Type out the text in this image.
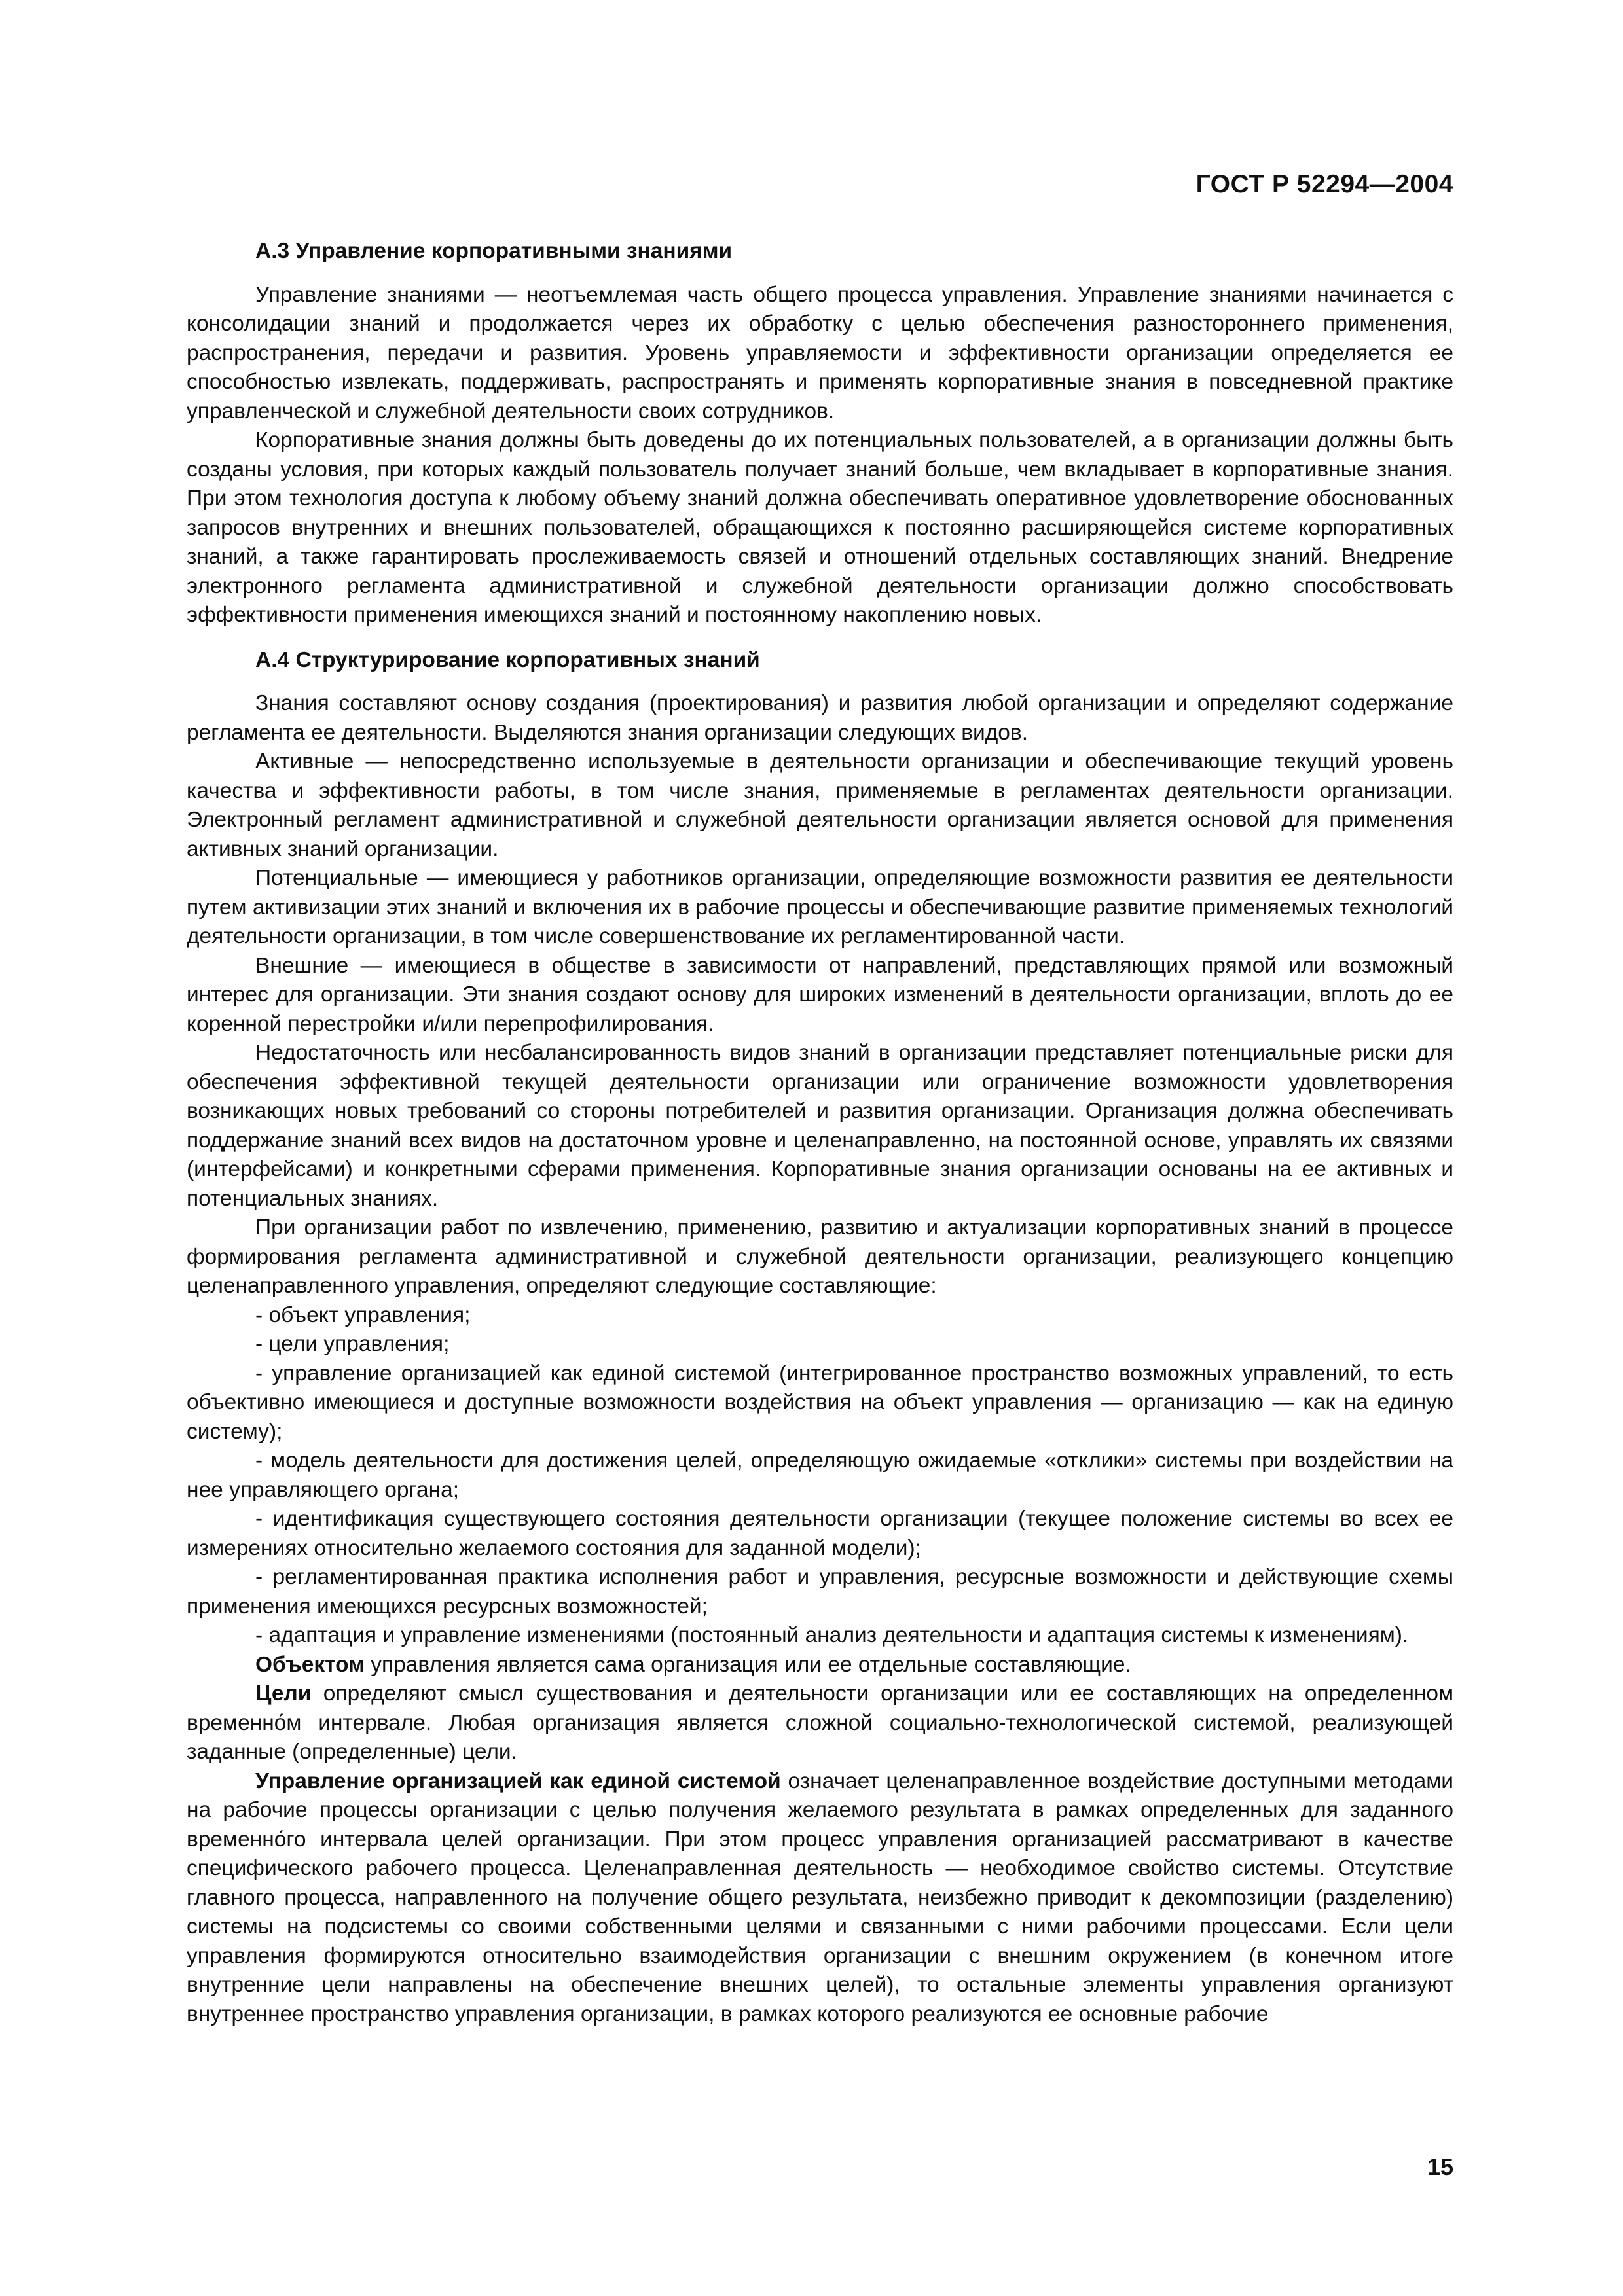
ГОСТ Р 52294—2004
А.3 Управление корпоративными знаниями

Управление знаниями — неотъемлемая часть общего процесса управления. Управление знаниями начинается с консолидации знаний и продолжается через их обработку с целью обеспечения разностороннего применения, распространения, передачи и развития. Уровень управляемости и эффективности организации определяется ее способностью извлекать, поддерживать, распространять и применять корпоративные знания в повседневной практике управленческой и служебной деятельности своих сотрудников.

Корпоративные знания должны быть доведены до их потенциальных пользователей, а в организации должны быть созданы условия, при которых каждый пользователь получает знаний больше, чем вкладывает в корпоративные знания. При этом технология доступа к любому объему знаний должна обеспечивать оперативное удовлетворение обоснованных запросов внутренних и внешних пользователей, обращающихся к постоянно расширяющейся системе корпоративных знаний, а также гарантировать прослеживаемость связей и отношений отдельных составляющих знаний. Внедрение электронного регламента административной и служебной деятельности организации должно способствовать эффективности применения имеющихся знаний и постоянному накоплению новых.

А.4 Структурирование корпоративных знаний

Знания составляют основу создания (проектирования) и развития любой организации и определяют содержание регламента ее деятельности. Выделяются знания организации следующих видов.

Активные — непосредственно используемые в деятельности организации и обеспечивающие текущий уровень качества и эффективности работы, в том числе знания, применяемые в регламентах деятельности организации. Электронный регламент административной и служебной деятельности организации является основой для применения активных знаний организации.

Потенциальные — имеющиеся у работников организации, определяющие возможности развития ее деятельности путем активизации этих знаний и включения их в рабочие процессы и обеспечивающие развитие применяемых технологий деятельности организации, в том числе совершенствование их регламентированной части.

Внешние — имеющиеся в обществе в зависимости от направлений, представляющих прямой или возможный интерес для организации. Эти знания создают основу для широких изменений в деятельности организации, вплоть до ее коренной перестройки и/или перепрофилирования.

Недостаточность или несбалансированность видов знаний в организации представляет потенциальные риски для обеспечения эффективной текущей деятельности организации или ограничение возможности удовлетворения возникающих новых требований со стороны потребителей и развития организации. Организация должна обеспечивать поддержание знаний всех видов на достаточном уровне и целенаправленно, на постоянной основе, управлять их связями (интерфейсами) и конкретными сферами применения. Корпоративные знания организации основаны на ее активных и потенциальных знаниях.

При организации работ по извлечению, применению, развитию и актуализации корпоративных знаний в процессе формирования регламента административной и служебной деятельности организации, реализующего концепцию целенаправленного управления, определяют следующие составляющие:

- объект управления;

- цели управления;

- управление организацией как единой системой (интегрированное пространство возможных управлений, то есть объективно имеющиеся и доступные возможности воздействия на объект управления — организацию — как на единую систему);

- модель деятельности для достижения целей, определяющую ожидаемые «отклики» системы при воздействии на нее управляющего органа;

- идентификация существующего состояния деятельности организации (текущее положение системы во всех ее измерениях относительно желаемого состояния для заданной модели);

- регламентированная практика исполнения работ и управления, ресурсные возможности и действующие схемы применения имеющихся ресурсных возможностей;

- адаптация и управление изменениями (постоянный анализ деятельности и адаптация системы к изменениям).

Объектом управления является сама организация или ее отдельные составляющие.

Цели определяют смысл существования и деятельности организации или ее составляющих на определенном временно́м интервале. Любая организация является сложной социально-технологической системой, реализующей заданные (определенные) цели.

Управление организацией как единой системой означает целенаправленное воздействие доступными методами на рабочие процессы организации с целью получения желаемого результата в рамках определенных для заданного временно́го интервала целей организации. При этом процесс управления организацией рассматривают в качестве специфического рабочего процесса. Целенаправленная деятельность — необходимое свойство системы. Отсутствие главного процесса, направленного на получение общего результата, неизбежно приводит к декомпозиции (разделению) системы на подсистемы со своими собственными целями и связанными с ними рабочими процессами. Если цели управления формируются относительно взаимодействия организации с внешним окружением (в конечном итоге внутренние цели направлены на обеспечение внешних целей), то остальные элементы управления организуют внутреннее пространство управления организации, в рамках которого реализуются ее основные рабочие

15
